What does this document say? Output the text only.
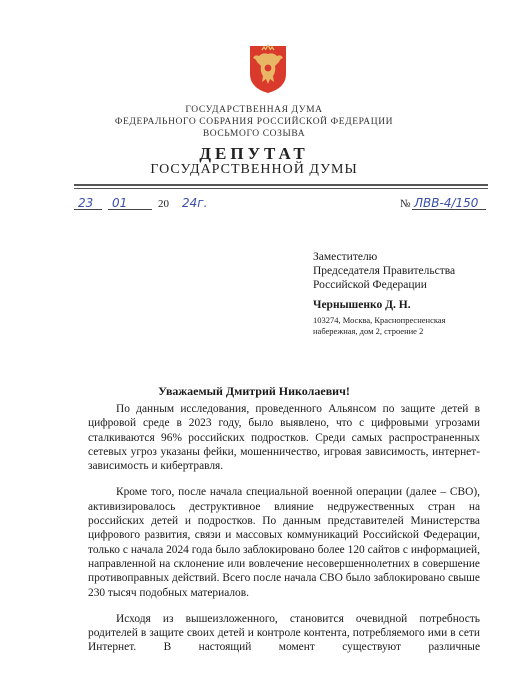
ГОСУДАРСТВЕННАЯ ДУМА
ФЕДЕРАЛЬНОГО СОБРАНИЯ РОССИЙСКОЙ ФЕДЕРАЦИИ
ВОСЬМОГО СОЗЫВА
ДЕПУТАТ
ГОСУДАРСТВЕННОЙ ДУМЫ
23 01	20 24г.	№ ЛВВ-4/150
Заместителю
Председателя Правительства
Российской Федерации
Чернышенко Д. Н.
103274, Москва, Краснопресненская набережная, дом 2, строение 2
Уважаемый Дмитрий Николаевич!

По данным исследования, проведенного Альянсом по защите детей в цифровой среде в 2023 году, было выявлено, что с цифровыми угрозами сталкиваются 96% российских подростков. Среди самых распространенных сетевых угроз указаны фейки, мошенничество, игровая зависимость, интернет-зависимость и кибертравля.

Кроме того, после начала специальной военной операции (далее – СВО), активизировалось деструктивное влияние недружественных стран на российских детей и подростков. По данным представителей Министерства цифрового развития, связи и массовых коммуникаций Российской Федерации, только с начала 2024 года было заблокировано более 120 сайтов с информацией, направленной на склонение или вовлечение несовершеннолетних в совершение противоправных действий. Всего после начала СВО было заблокировано свыше 230 тысяч подобных материалов.

Исходя из вышеизложенного, становится очевидной потребность родителей в защите своих детей и контроле контента, потребляемого ими в сети Интернет. В настоящий момент существуют различные
